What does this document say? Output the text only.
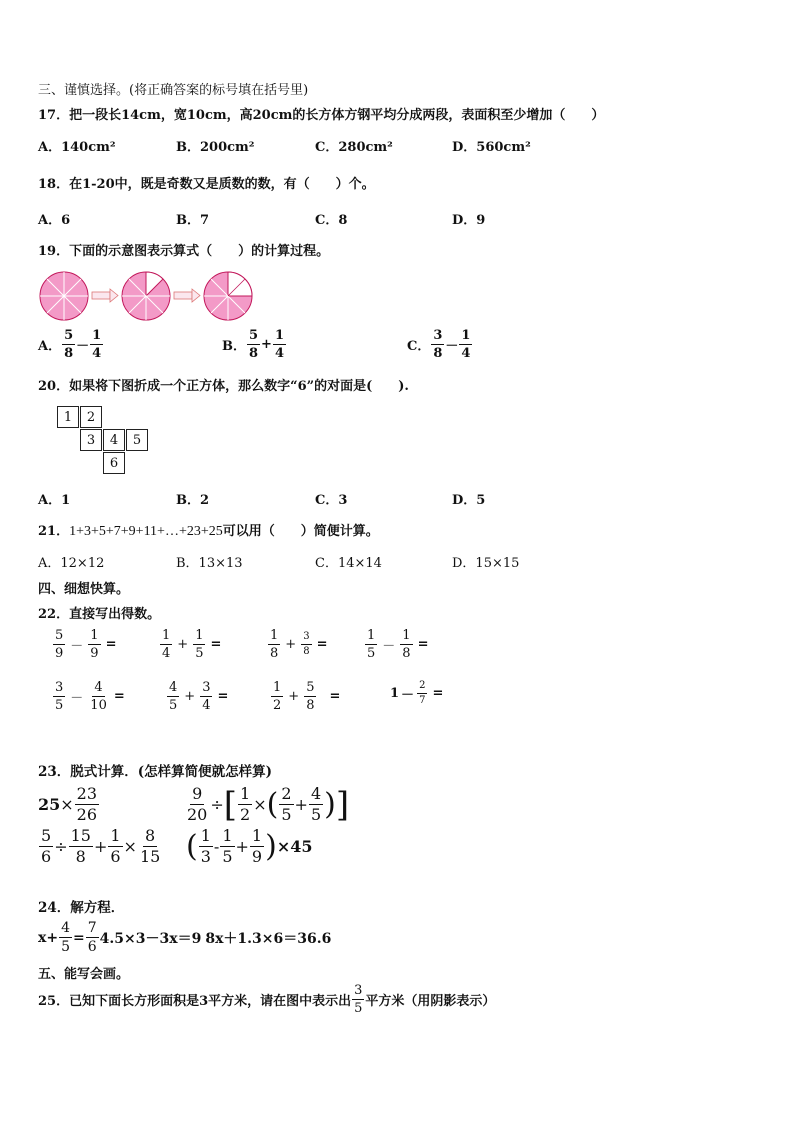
三、谨慎选择。(将正确答案的标号填在括号里)
17．把一段长14cm，宽10cm，高20cm的长方体方钢平均分成两段，表面积至少增加（　　）
A．140cm²	B．200cm²	C．280cm²	D．560cm²
18．在1-20中，既是奇数又是质数的数，有（　　）个。
A．6	B．7	C．8	D．9
19．下面的示意图表示算式（　　）的计算过程。
A． $\frac{5}{8} - \frac{1}{4}$	B． $\frac{5}{8} + \frac{1}{4}$	C． $\frac{3}{8} - \frac{1}{4}$
20．如果将下图折成一个正方体，那么数字“6”的对面是(　　).
1	2
3	4	5
6
A．1	B．2	C．3	D．5
21．1+3+5+7+9+11+…+23+25可以用（　　）简便计算。
A．12×12	B．13×13	C．14×14	D．15×15
四、细想快算。
22．直接写出得数。
$\frac{5}{9} - \frac{1}{9}$ =	$\frac{1}{4} + \frac{1}{5}$ =	$\frac{1}{8} + \frac{3}{8}$ =	$\frac{1}{5} - \frac{1}{8}$ =
$\frac{3}{5} - \frac{4}{10}$ =	$\frac{4}{5} + \frac{3}{4}$ =	$\frac{1}{2} + \frac{5}{8}$ =	$1 - \frac{2}{7}$ =
23．脱式计算．(怎样算简便就怎样算)
$25 \times \frac{23}{26}$	$\frac{9}{20}$ ÷ [ $\frac{1}{2}$ × ( $\frac{2}{5} + \frac{4}{5}$ ) ]
$\frac{5}{6} \div \frac{15}{8} + \frac{1}{6} \times \frac{8}{15}$ ( $\frac{1}{3} - \frac{1}{5} + \frac{1}{9}$ ) ×45
24．解方程．
$x+ \frac{4}{5} = \frac{7}{6} 4.5\times 3-3x=9$ 8x＋1.3×6＝36.6
五、能写会画。
25．已知下面长方形面积是3平方米，请在图中表示出 $\frac{3}{5}$ 平方米（用阴影表示）
